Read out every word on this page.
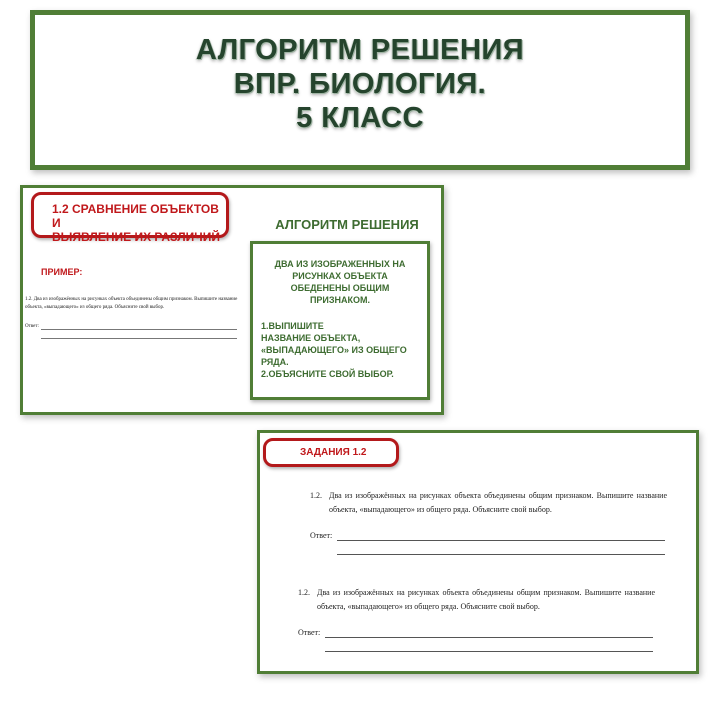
АЛГОРИТМ РЕШЕНИЯ
ВПР. БИОЛОГИЯ.
5 КЛАСС
1.2 СРАВНЕНИЕ ОБЪЕКТОВ И
ВЫЯВЛЕНИЕ ИХ РАЗЛИЧИЙ
ПРИМЕР:
1.2. Два из изображённых на рисунках объекта объединены общим признаком. Выпишите название объекта, «выпадающего» из общего ряда. Объясните свой выбор.
Ответ:
АЛГОРИТМ РЕШЕНИЯ
ДВА ИЗ ИЗОБРАЖЕННЫХ НА
РИСУНКАХ ОБЪЕКТА
ОБЕДЕНЕНЫ ОБЩИМ
ПРИЗНАКОМ.
1.ВЫПИШИТЕ
НАЗВАНИЕ ОБЪЕКТА,
«ВЫПАДАЮЩЕГО» ИЗ ОБЩЕГО
РЯДА.
2.ОБЪЯСНИТЕ СВОЙ ВЫБОР.
ЗАДАНИЯ 1.2
1.2. Два из изображённых на рисунках объекта объединены общим признаком. Выпишите название объекта, «выпадающего» из общего ряда. Объясните свой выбор.
Ответ:
1.2. Два из изображённых на рисунках объекта объединены общим признаком. Выпишите название объекта, «выпадающего» из общего ряда. Объясните свой выбор.
Ответ:
